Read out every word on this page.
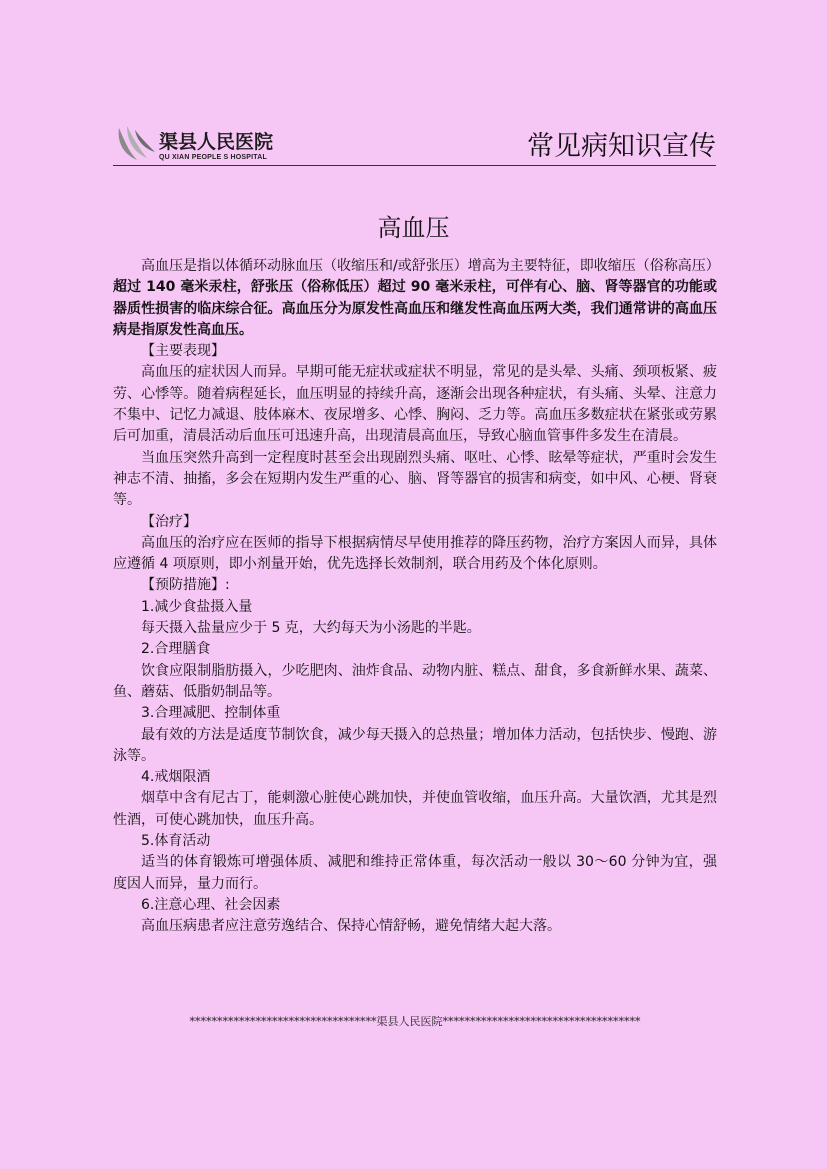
渠县人民医院
QU XIAN PEOPLE S HOSPITAL	常见病知识宣传
高血压

高血压是指以体循环动脉血压（收缩压和/或舒张压）增高为主要特征，即收缩压（俗称高压）超过 140 毫米汞柱，舒张压（俗称低压）超过 90 毫米汞柱，可伴有心、脑、肾等器官的功能或器质性损害的临床综合征。高血压分为原发性高血压和继发性高血压两大类，我们通常讲的高血压病是指原发性高血压。

【主要表现】

高血压的症状因人而异。早期可能无症状或症状不明显，常见的是头晕、头痛、颈项板紧、疲劳、心悸等。随着病程延长，血压明显的持续升高，逐渐会出现各种症状，有头痛、头晕、注意力不集中、记忆力减退、肢体麻木、夜尿增多、心悸、胸闷、乏力等。高血压多数症状在紧张或劳累后可加重，清晨活动后血压可迅速升高，出现清晨高血压，导致心脑血管事件多发生在清晨。

当血压突然升高到一定程度时甚至会出现剧烈头痛、呕吐、心悸、眩晕等症状，严重时会发生神志不清、抽搐，多会在短期内发生严重的心、脑、肾等器官的损害和病变，如中风、心梗、肾衰等。

【治疗】

高血压的治疗应在医师的指导下根据病情尽早使用推荐的降压药物，治疗方案因人而异，具体应遵循 4 项原则，即小剂量开始，优先选择长效制剂，联合用药及个体化原则。

【预防措施】:

1.减少食盐摄入量

每天摄入盐量应少于 5 克，大约每天为小汤匙的半匙。

2.合理膳食

饮食应限制脂肪摄入，少吃肥肉、油炸食品、动物内脏、糕点、甜食，多食新鲜水果、蔬菜、鱼、蘑菇、低脂奶制品等。

3.合理减肥、控制体重

最有效的方法是适度节制饮食，减少每天摄入的总热量；增加体力活动，包括快步、慢跑、游泳等。

4.戒烟限酒

烟草中含有尼古丁，能刺激心脏使心跳加快，并使血管收缩，血压升高。大量饮酒，尤其是烈性酒，可使心跳加快，血压升高。

5.体育活动

适当的体育锻炼可增强体质、减肥和维持正常体重，每次活动一般以 30～60 分钟为宜，强度因人而异，量力而行。

6.注意心理、社会因素

高血压病患者应注意劳逸结合、保持心情舒畅，避免情绪大起大落。

**********************************渠县人民医院************************************
